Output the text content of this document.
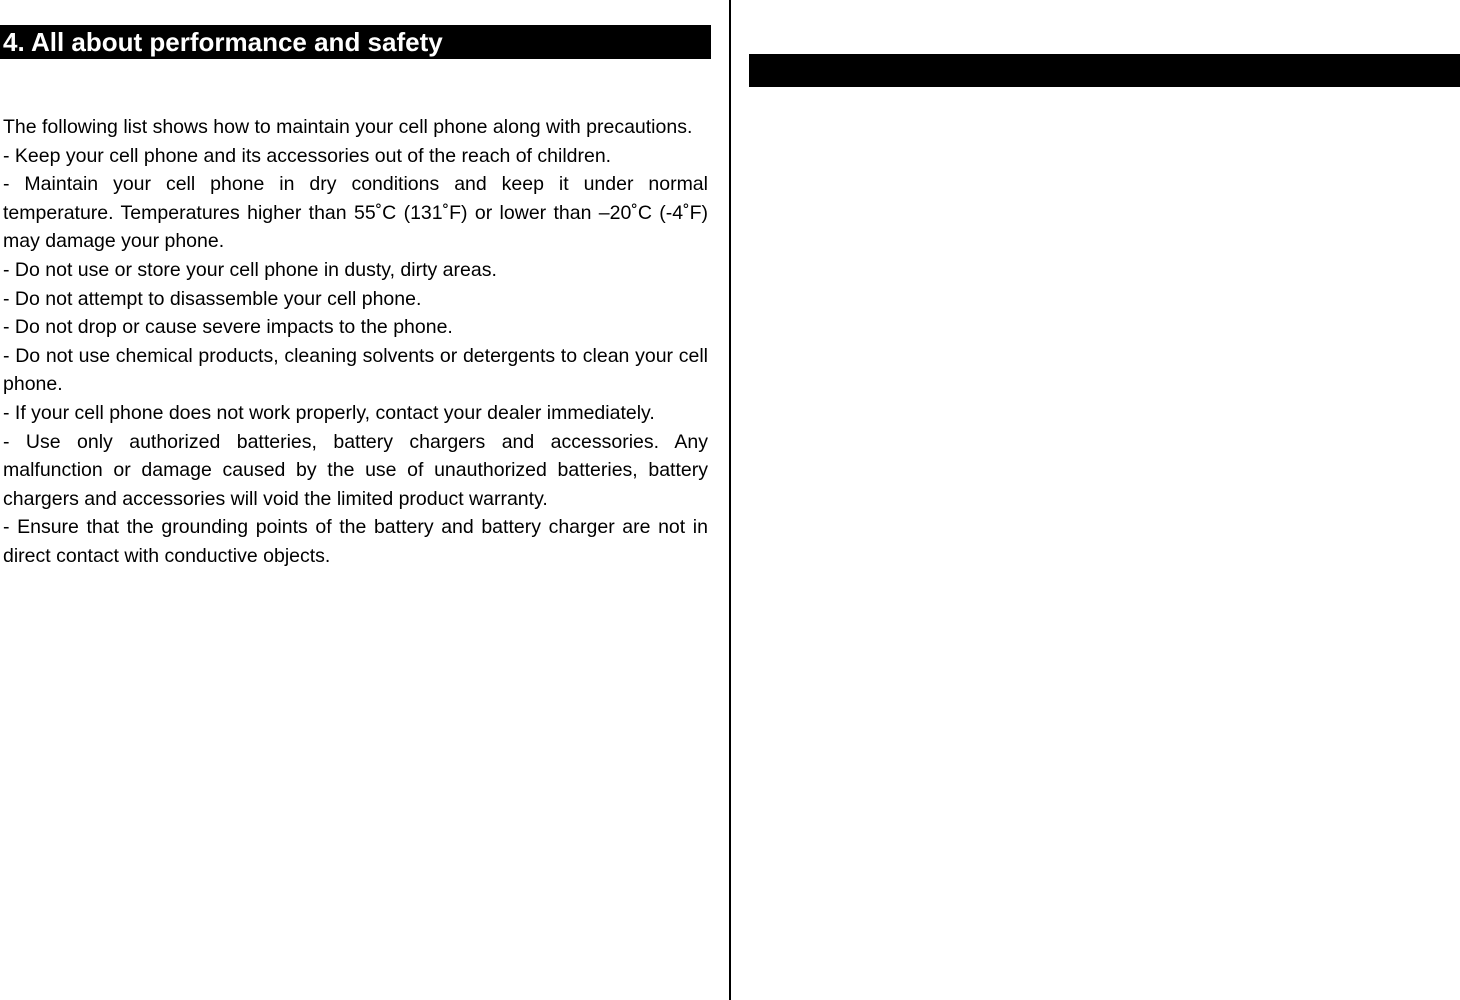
4. All about performance and safety

The following list shows how to maintain your cell phone along with precautions.

- Keep your cell phone and its accessories out of the reach of children.

- Maintain your cell phone in dry conditions and keep it under normal temperature. Temperatures higher than 55˚C (131˚F) or lower than –20˚C (-4˚F) may damage your phone.

- Do not use or store your cell phone in dusty, dirty areas.

- Do not attempt to disassemble your cell phone.

- Do not drop or cause severe impacts to the phone.

- Do not use chemical products, cleaning solvents or detergents to clean your cell phone.

- If your cell phone does not work properly, contact your dealer immediately.

- Use only authorized batteries, battery chargers and accessories. Any malfunction or damage caused by the use of unauthorized batteries, battery chargers and accessories will void the limited product warranty.

- Ensure that the grounding points of the battery and battery charger are not in direct contact with conductive objects.
